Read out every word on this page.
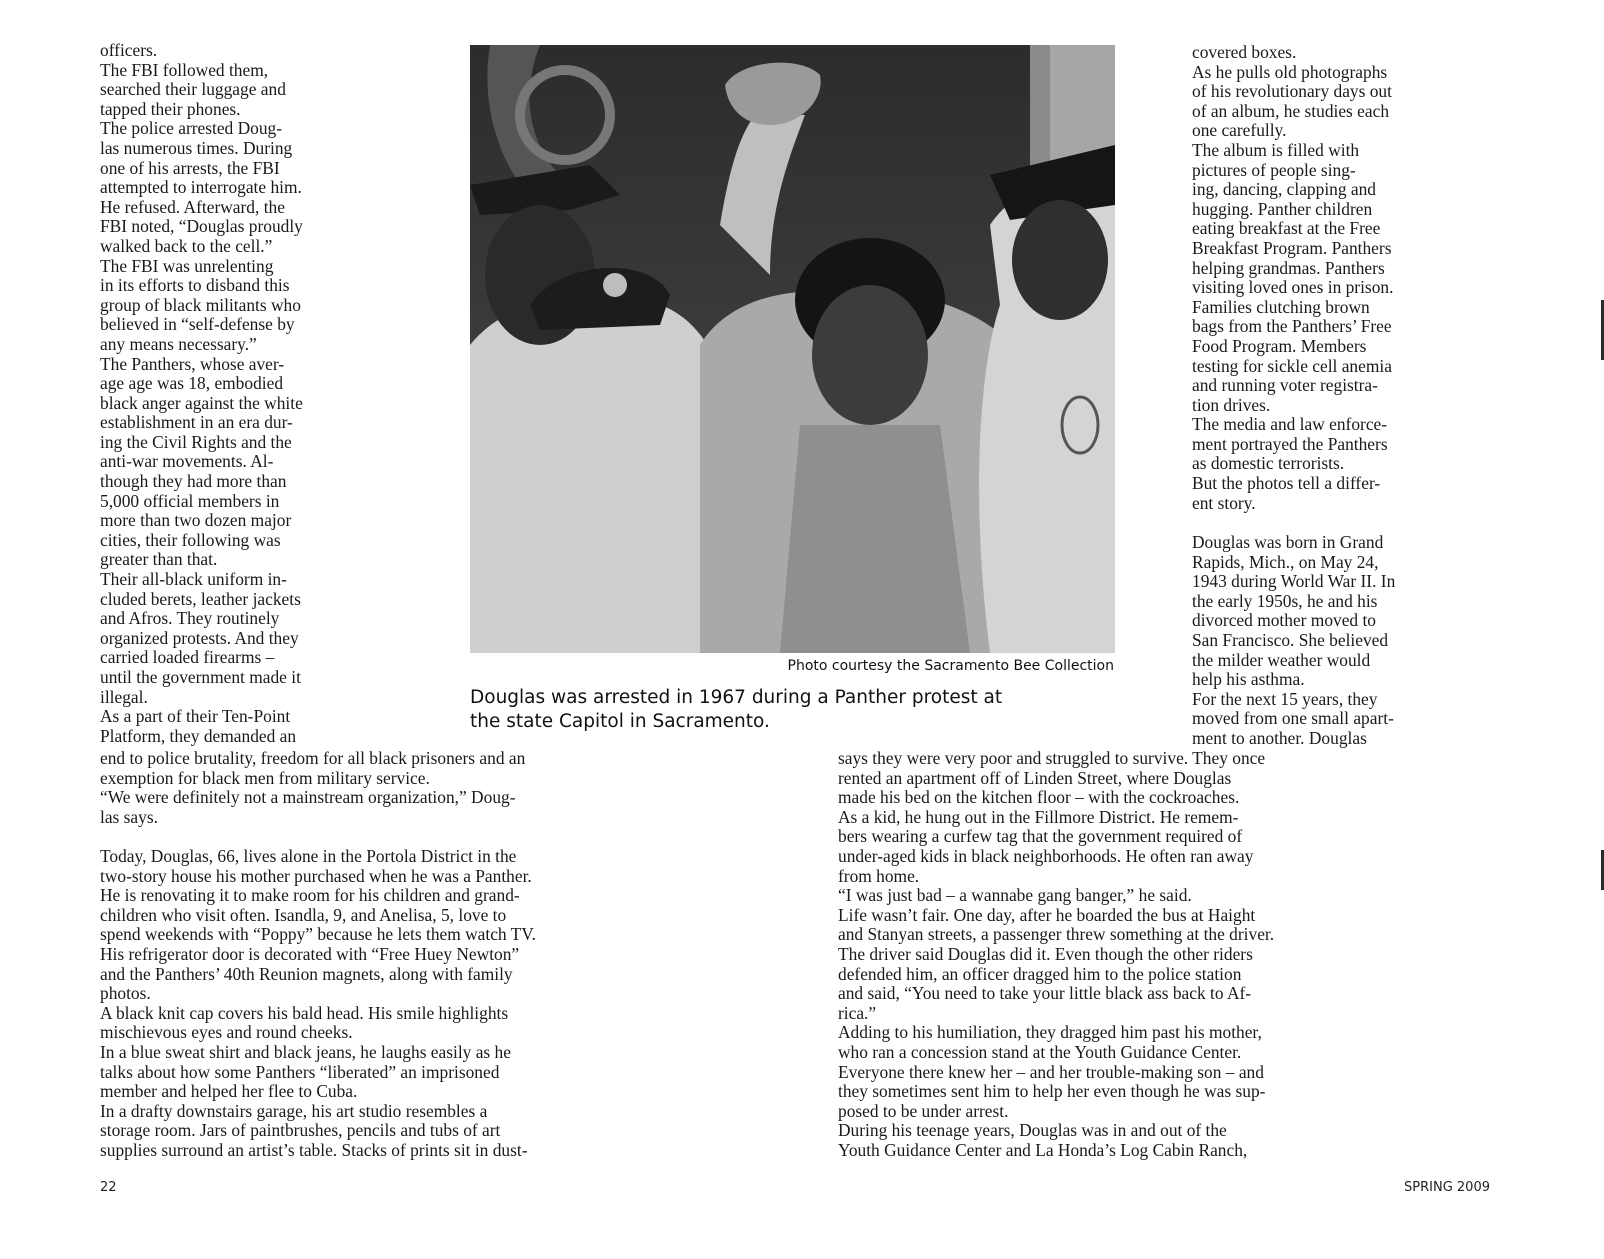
officers.
The FBI followed them,
searched their luggage and
tapped their phones.
The police arrested Doug-
las numerous times. During
one of his arrests, the FBI
attempted to interrogate him.
He refused. Afterward, the
FBI noted, “Douglas proudly
walked back to the cell.”
The FBI was unrelenting
in its efforts to disband this
group of black militants who
believed in “self-defense by
any means necessary.”
The Panthers, whose aver-
age age was 18, embodied
black anger against the white
establishment in an era dur-
ing the Civil Rights and the
anti-war movements. Al-
though they had more than
5,000 official members in
more than two dozen major
cities, their following was
greater than that.
Their all-black uniform in-
cluded berets, leather jackets
and Afros. They routinely
organized protests. And they
carried loaded firearms –
until the government made it
illegal.
As a part of their Ten-Point
Platform, they demanded an
Photo courtesy the Sacramento Bee Collection
Douglas was arrested in 1967 during a Panther protest at
the state Capitol in Sacramento.
covered boxes.
As he pulls old photographs
of his revolutionary days out
of an album, he studies each
one carefully.
The album is filled with
pictures of people sing-
ing, dancing, clapping and
hugging. Panther children
eating breakfast at the Free
Breakfast Program. Panthers
helping grandmas. Panthers
visiting loved ones in prison.
Families clutching brown
bags from the Panthers’ Free
Food Program. Members
testing for sickle cell anemia
and running voter registra-
tion drives.
The media and law enforce-
ment portrayed the Panthers
as domestic terrorists.
But the photos tell a differ-
ent story.
Douglas was born in Grand
Rapids, Mich., on May 24,
1943 during World War II. In
the early 1950s, he and his
divorced mother moved to
San Francisco. She believed
the milder weather would
help his asthma.
For the next 15 years, they
moved from one small apart-
ment to another. Douglas
end to police brutality, freedom for all black prisoners and an
exemption for black men from military service.
“We were definitely not a mainstream organization,” Doug-
las says.
Today, Douglas, 66, lives alone in the Portola District in the
two-story house his mother purchased when he was a Panther.
He is renovating it to make room for his children and grand-
children who visit often. Isandla, 9, and Anelisa, 5, love to
spend weekends with “Poppy” because he lets them watch TV.
His refrigerator door is decorated with “Free Huey Newton”
and the Panthers’ 40th Reunion magnets, along with family
photos.
A black knit cap covers his bald head. His smile highlights
mischievous eyes and round cheeks.
In a blue sweat shirt and black jeans, he laughs easily as he
talks about how some Panthers “liberated” an imprisoned
member and helped her flee to Cuba.
In a drafty downstairs garage, his art studio resembles a
storage room. Jars of paintbrushes, pencils and tubs of art
supplies surround an artist’s table. Stacks of prints sit in dust-
says they were very poor and struggled to survive. They once
rented an apartment off of Linden Street, where Douglas
made his bed on the kitchen floor – with the cockroaches.
As a kid, he hung out in the Fillmore District. He remem-
bers wearing a curfew tag that the government required of
under-aged kids in black neighborhoods. He often ran away
from home.
“I was just bad – a wannabe gang banger,” he said.
Life wasn’t fair. One day, after he boarded the bus at Haight
and Stanyan streets, a passenger threw something at the driver.
The driver said Douglas did it. Even though the other riders
defended him, an officer dragged him to the police station
and said, “You need to take your little black ass back to Af-
rica.”
Adding to his humiliation, they dragged him past his mother,
who ran a concession stand at the Youth Guidance Center.
Everyone there knew her – and her trouble-making son – and
they sometimes sent him to help her even though he was sup-
posed to be under arrest.
During his teenage years, Douglas was in and out of the
Youth Guidance Center and La Honda’s Log Cabin Ranch,
22	SPRING 2009
